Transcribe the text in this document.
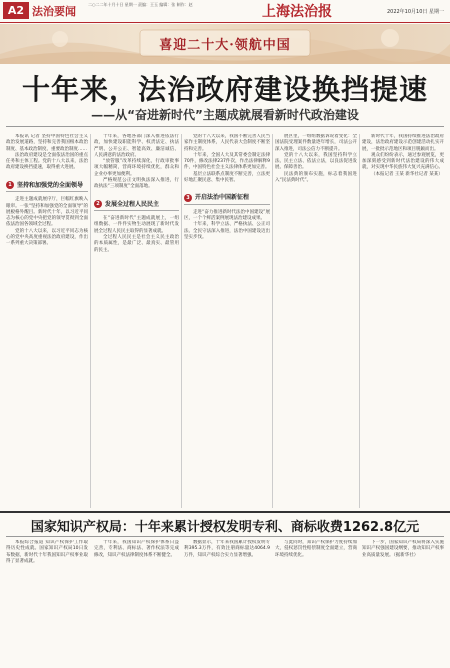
A2 法治要闻
二○二二年十月十日 星期一 责编：王玉 编辑：张 制作：赵	上海法治报	2022年10月10日 星期一
喜迎二十大·领航中国
十年来，法治政府建设换挡提速
——从“奋进新时代”主题成就展看新时代政治建设

本报讯 记者 坚持中国特色社会主义政治发展道路，坚持和完善我国根本政治制度、基本政治制度、重要政治制度……

法治政府建设是全面依法治国的重点任务和主体工程。党的十八大以来，法治政府建设换挡提速，取得重大进展。

1 坚持和加强党的全面领导

走进主题成就展序厅，巨幅红旗映入眼帘。一张“坚持和加强党的全面领导”的展板格外醒目。新时代十年，以习近平同志为核心的党中央把党的领导贯彻到全面依法治国各领域全过程。

党的十八大以来，以习近平同志为核心的党中央高度重视法治政府建设，作出一系列重大决策部署。

十年来，各地各部门深入推进依法行政，加快建设职能科学、权责法定、执法严明、公开公正、智能高效、廉洁诚信、人民满意的法治政府。

“放管服”改革持续深化，行政审批事项大幅精简，营商环境持续优化，群众和企业办事更加便利。

严格规范公正文明执法深入推进，行政执法“三项制度”全面落地。

2 发展全过程人民民主

在“奋进新时代”主题成就展上，一组组数据、一件件实物生动展现了新时代发展全过程人民民主取得的显著成就。

全过程人民民主是社会主义民主政治的本质属性，是最广泛、最真实、最管用的民主。

党的十八大以来，我国不断完善人民当家作主制度体系，人民代表大会制度不断坚持和完善。

十年来，全国人大及其常委会制定法律70件，修改法律237件次，作出法律解释9件，中国特色社会主义法律体系更加完善。

基层立法联系点制度不断完善，立法更好地汇聚民意、集中民智。

3 开启法治中国新征程

走进“奋力推进新时代法治中国建设”展区，一个个鲜活案例展现法治建设成果。

十年来，科学立法、严格执法、公正司法、全民守法深入推进，法治中国建设迈出坚实步伐。

展区里，一组组数据诉说着变化：全国法院受理案件数量逐年增长，司法公开深入推进，司法公信力不断提升。

党的十八大以来，我国坚持科学立法、民主立法、依法立法，以良法促进发展、保障善治。

民法典的颁布实施，标志着我国进入“民法典时代”。

新时代十年，我国持续推进法治政府建设，法治政府建设示范创建活动扎实开展，一批批示范地区和项目脱颖而出。

观众们纷纷表示，通过参观展览，更加深刻感受到新时代法治建设的伟大成就，对实现中华民族伟大复兴充满信心。

（本报记者 王某 新华社记者 某某）

国家知识产权局：十年来累计授权发明专利、商标收费1262.8亿元

本报综合报道 知识产权保护工作取得历史性成就。国家知识产权局10日发布数据，新时代十年我国知识产权事业取得了显著成就。

十年来，我国知识产权保护体系日益完善，专利法、商标法、著作权法等完成修改，知识产权法律制度体系不断健全。

数据显示，十年来我国累计授权发明专利395.3万件，有效注册商标量达4064.9万件，知识产权综合实力显著增强。

与此同时，知识产权保护力度持续加大，侵权惩罚性赔偿制度全面建立，营商环境持续优化。

下一步，国家知识产权局将深入实施知识产权强国建设纲要，推动知识产权事业高质量发展。（据新华社）
